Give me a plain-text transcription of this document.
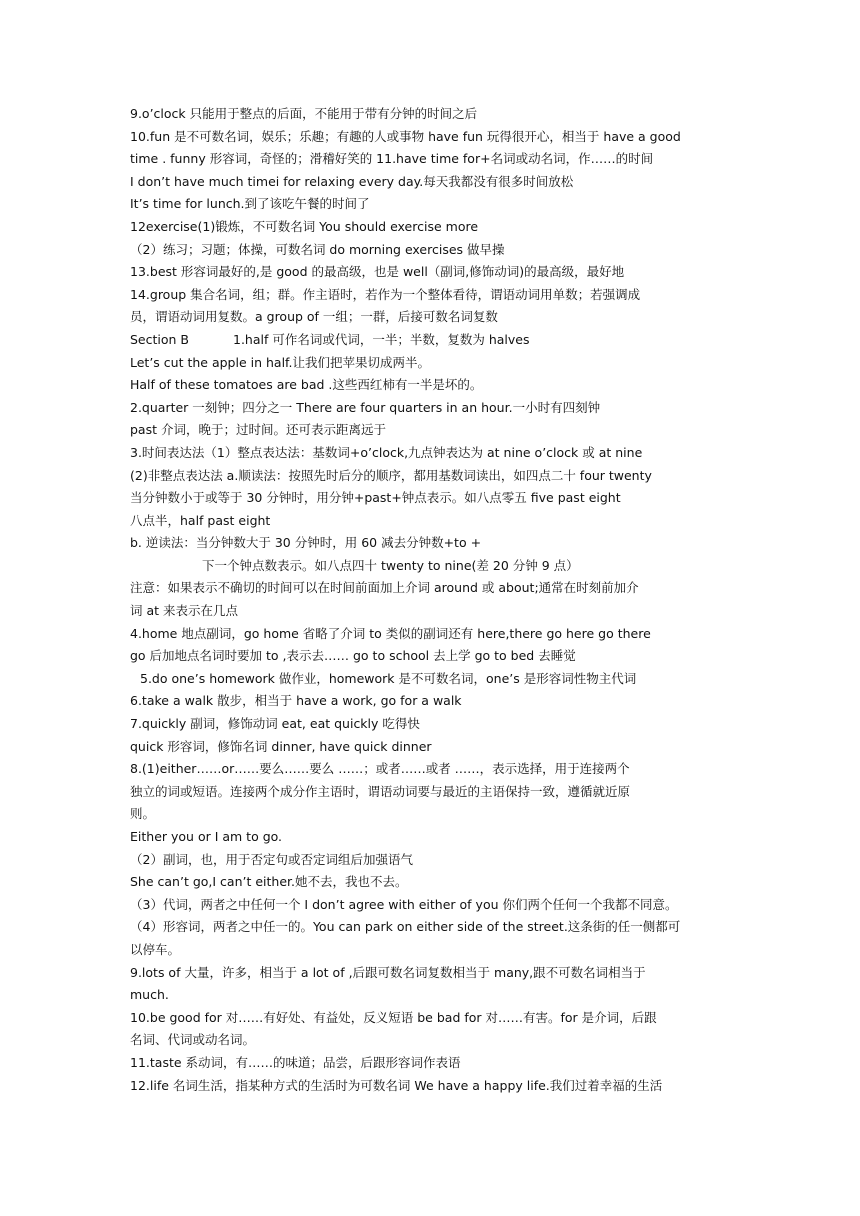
9.o’clock 只能用于整点的后面，不能用于带有分钟的时间之后
10.fun 是不可数名词，娱乐；乐趣；有趣的人或事物 have fun 玩得很开心，相当于 have a good
time . funny 形容词，奇怪的；滑稽好笑的 11.have time for+名词或动名词，作……的时间
I don’t have much timei for relaxing every day.每天我都没有很多时间放松
It’s time for lunch.到了该吃午餐的时间了
12exercise(1)锻炼，不可数名词 You should exercise more
（2）练习；习题；体操，可数名词 do morning exercises 做早操
13.best 形容词最好的,是 good 的最高级，也是 well（副词,修饰动词)的最高级，最好地
14.group 集合名词，组；群。作主语时，若作为一个整体看待，谓语动词用单数；若强调成
员，谓语动词用复数。a group of 一组；一群，后接可数名词复数
Section B	1.half 可作名词或代词，一半；半数，复数为 halves
Let’s cut the apple in half.让我们把苹果切成两半。
Half of these tomatoes are bad .这些西红柿有一半是坏的。
2.quarter 一刻钟；四分之一 There are four quarters in an hour.一小时有四刻钟
past 介词，晚于；过时间。还可表示距离远于
3.时间表达法（1）整点表达法：基数词+o’clock,九点钟表达为 at nine o’clock 或 at nine
(2)非整点表达法 a.顺读法：按照先时后分的顺序，都用基数词读出，如四点二十 four twenty
当分钟数小于或等于 30 分钟时，用分钟+past+钟点表示。如八点零五 five past eight
八点半，half past eight
b. 逆读法：当分钟数大于 30 分钟时，用 60 减去分钟数+to +
下一个钟点数表示。如八点四十 twenty to nine(差 20 分钟 9 点）
注意：如果表示不确切的时间可以在时间前面加上介词 around 或 about;通常在时刻前加介
词 at 来表示在几点
4.home 地点副词，go home 省略了介词 to 类似的副词还有 here,there go here go there
go 后加地点名词时要加 to ,表示去…… go to school 去上学 go to bed 去睡觉
5.do one’s homework 做作业，homework 是不可数名词，one’s 是形容词性物主代词
6.take a walk 散步，相当于 have a work, go for a walk
7.quickly 副词，修饰动词 eat, eat quickly 吃得快
quick 形容词，修饰名词 dinner, have quick dinner
8.(1)either……or……要么……要么 ……；或者……或者 ……，表示选择，用于连接两个
独立的词或短语。连接两个成分作主语时，谓语动词要与最近的主语保持一致，遵循就近原
则。
Either you or I am to go.
（2）副词，也，用于否定句或否定词组后加强语气
She can’t go,I can’t either.她不去，我也不去。
（3）代词，两者之中任何一个 I don’t agree with either of you 你们两个任何一个我都不同意。
（4）形容词，两者之中任一的。You can park on either side of the street.这条街的任一侧都可
以停车。
9.lots of 大量，许多，相当于 a lot of ,后跟可数名词复数相当于 many,跟不可数名词相当于
much.
10.be good for 对……有好处、有益处，反义短语 be bad for 对……有害。for 是介词，后跟
名词、代词或动名词。
11.taste 系动词，有……的味道；品尝，后跟形容词作表语
12.life 名词生活，指某种方式的生活时为可数名词 We have a happy life.我们过着幸福的生活
